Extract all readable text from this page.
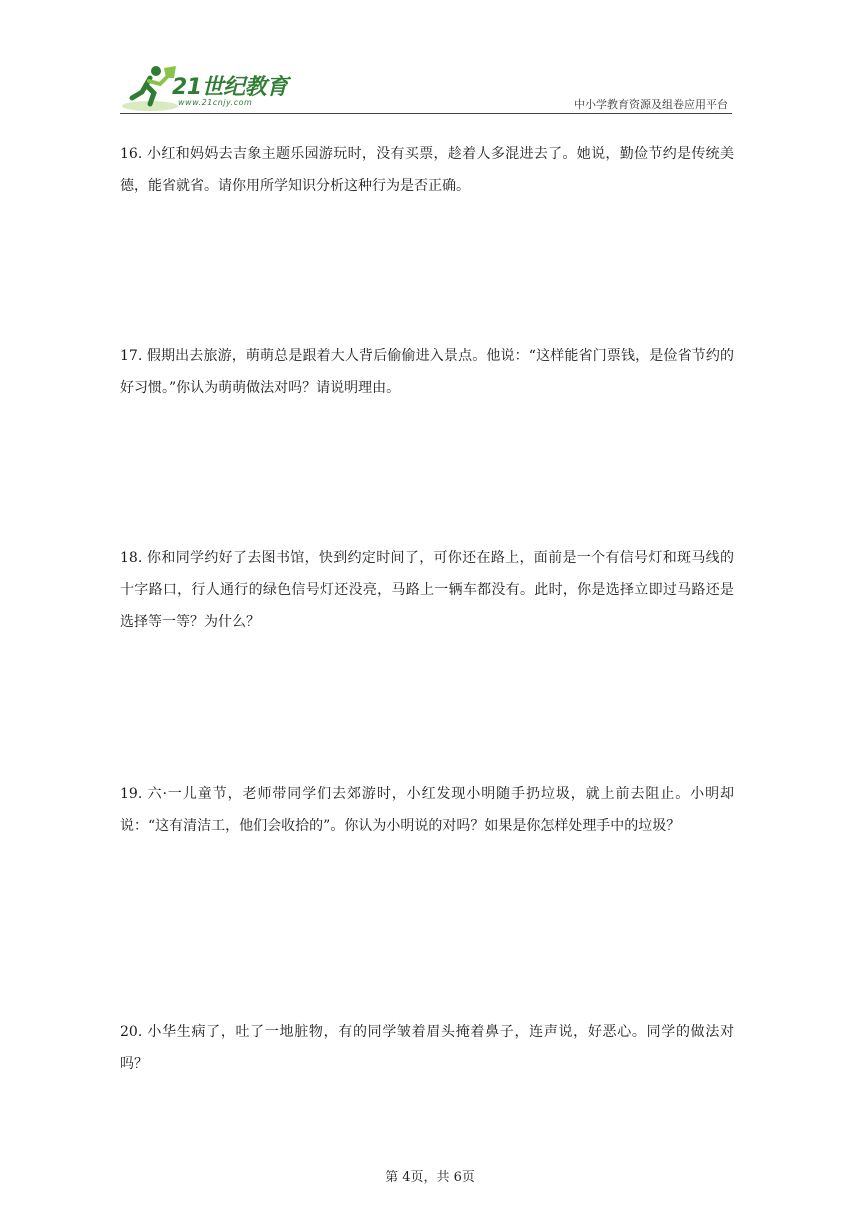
21世纪教育
www.21cnjy.com	中小学教育资源及组卷应用平台
16. 小红和妈妈去吉象主题乐园游玩时，没有买票，趁着人多混进去了。她说，勤俭节约是传统美德，能省就省。请你用所学知识分析这种行为是否正确。
17. 假期出去旅游，萌萌总是跟着大人背后偷偷进入景点。他说：“这样能省门票钱，是俭省节约的好习惯。”你认为萌萌做法对吗？请说明理由。
18. 你和同学约好了去图书馆，快到约定时间了，可你还在路上，面前是一个有信号灯和斑马线的十字路口，行人通行的绿色信号灯还没亮，马路上一辆车都没有。此时，你是选择立即过马路还是选择等一等？为什么？
19. 六·一儿童节，老师带同学们去郊游时，小红发现小明随手扔垃圾，就上前去阻止。小明却说：“这有清洁工，他们会收拾的”。你认为小明说的对吗？如果是你怎样处理手中的垃圾？
20. 小华生病了，吐了一地脏物，有的同学皱着眉头掩着鼻子，连声说，好恶心。同学的做法对吗？
第 4页，共 6页
